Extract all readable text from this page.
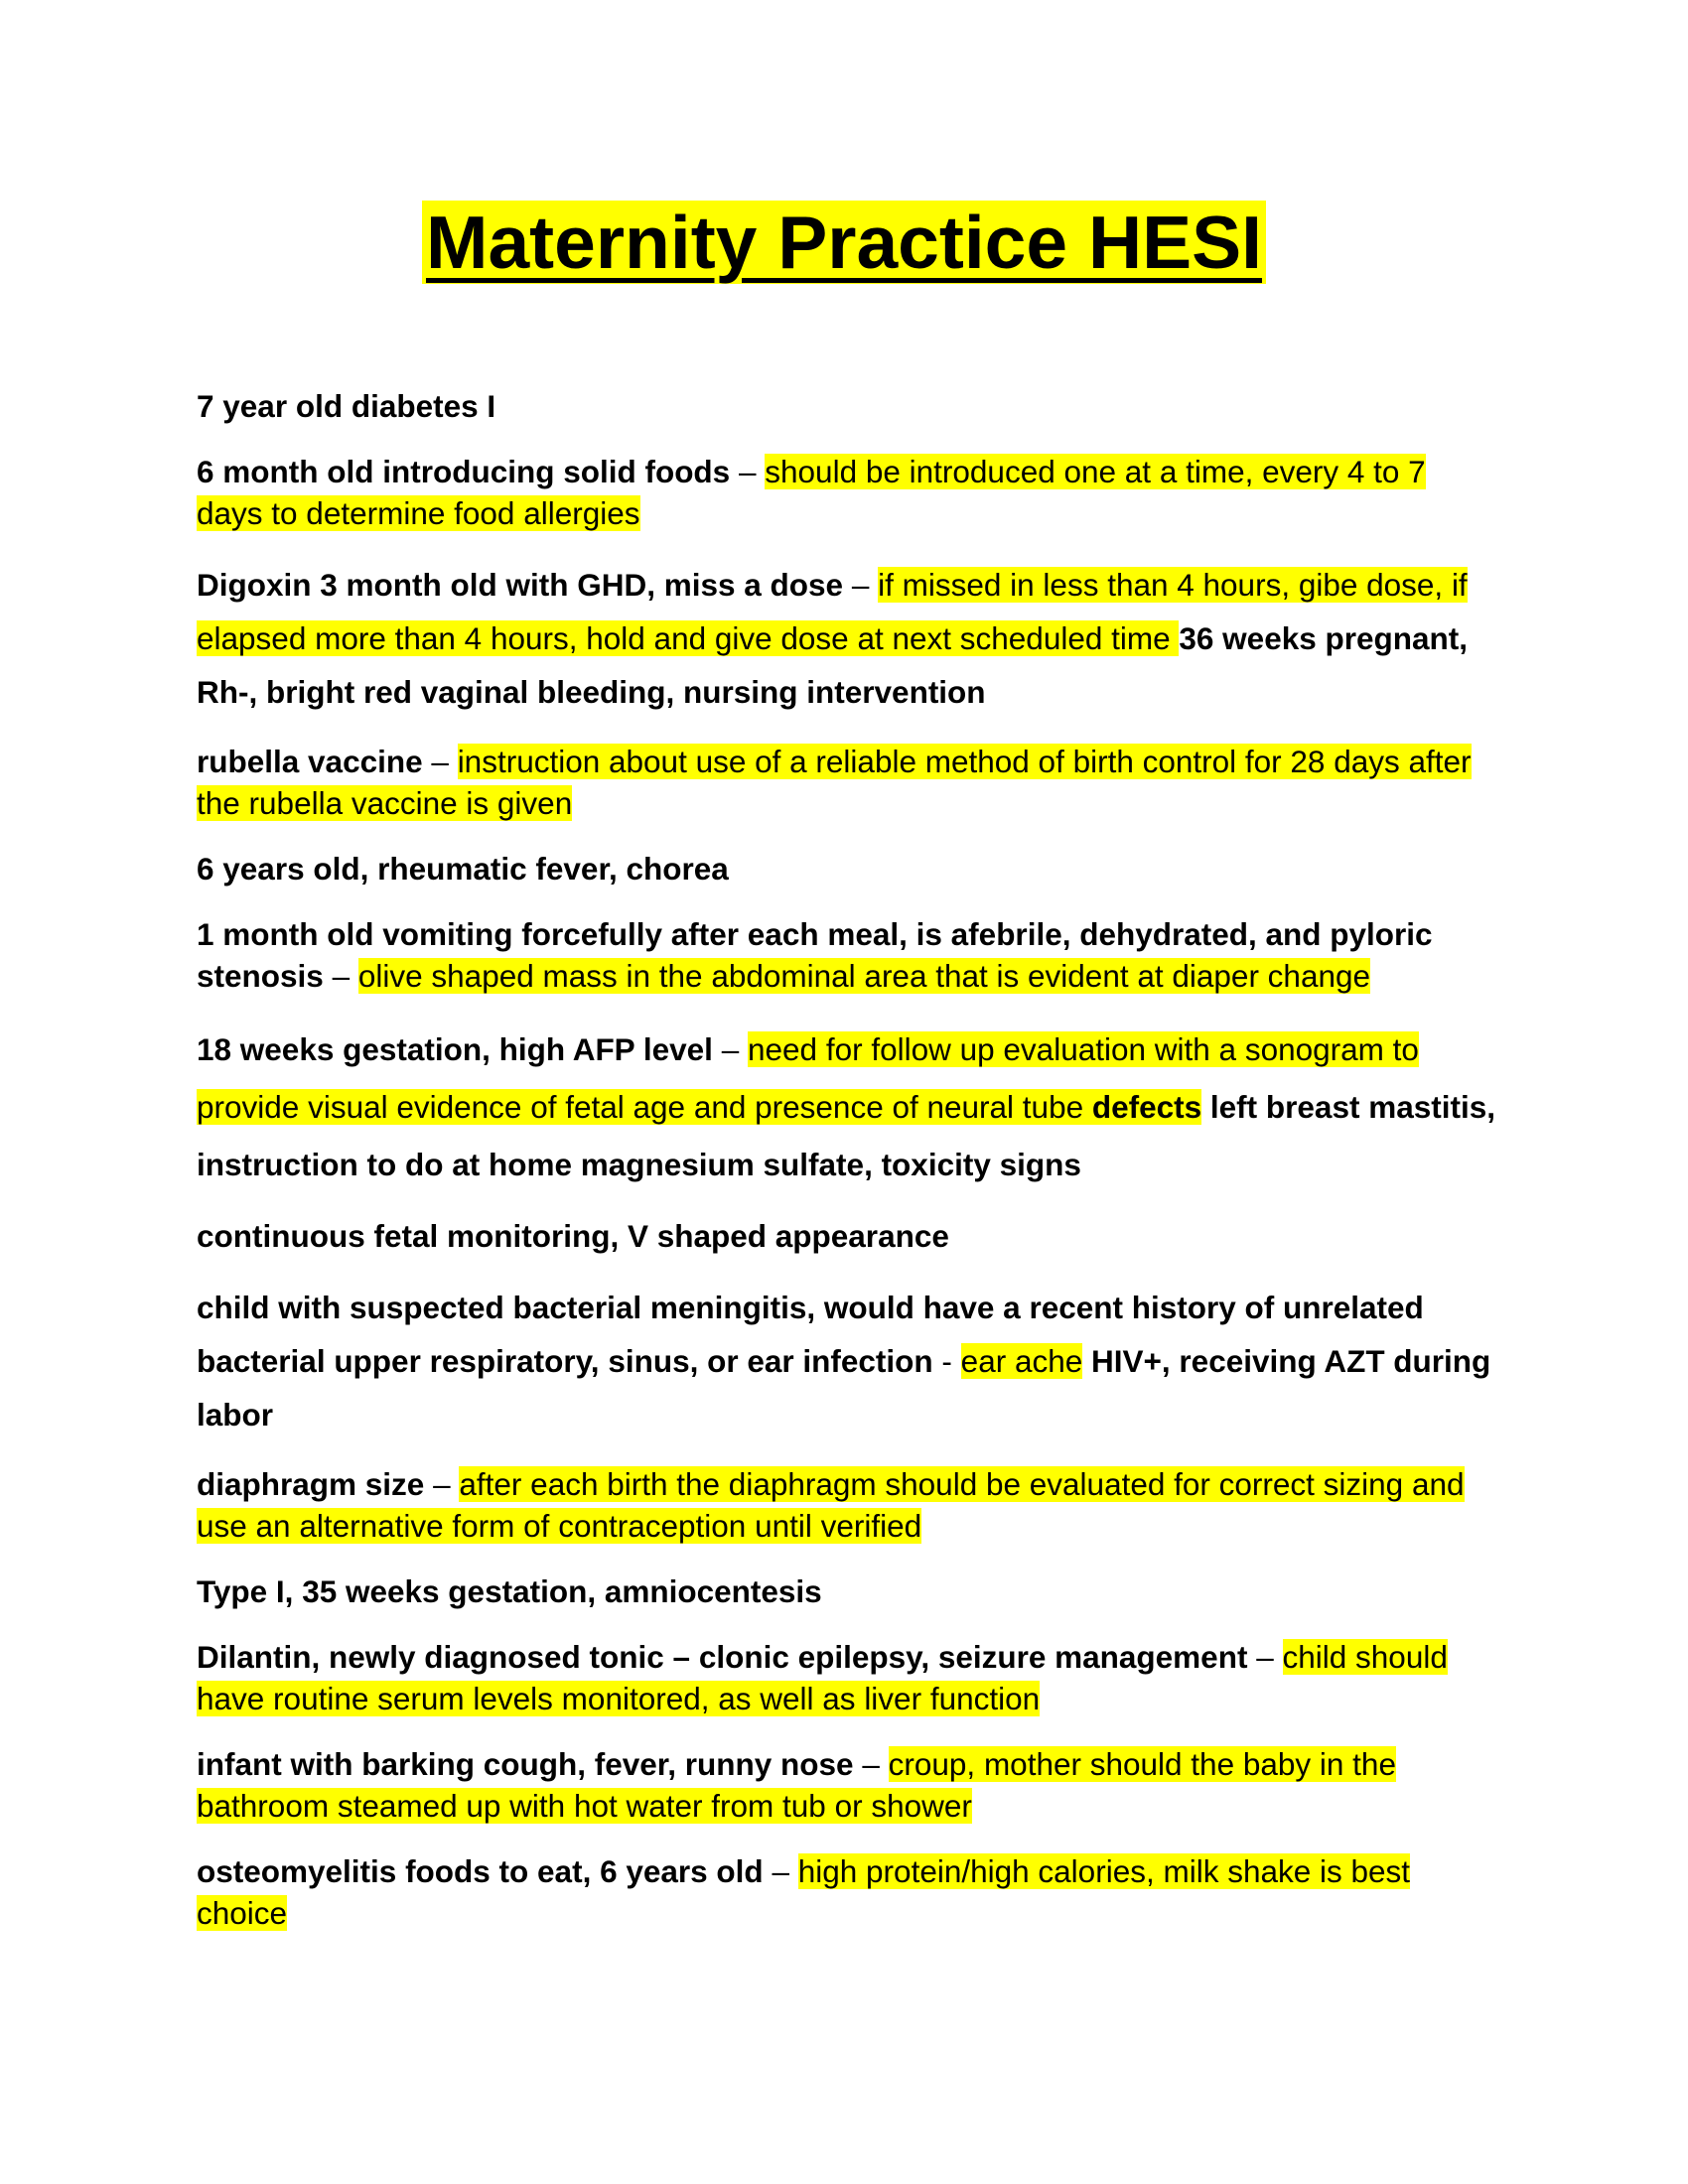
Maternity Practice HESI
7 year old diabetes I
6 month old introducing solid foods – should be introduced one at a time, every 4 to 7 days to determine food allergies
Digoxin 3 month old with GHD, miss a dose – if missed in less than 4 hours, gibe dose, if elapsed more than 4 hours, hold and give dose at next scheduled time 36 weeks pregnant, Rh-, bright red vaginal bleeding, nursing intervention
rubella vaccine – instruction about use of a reliable method of birth control for 28 days after the rubella vaccine is given
6 years old, rheumatic fever, chorea
1 month old vomiting forcefully after each meal, is afebrile, dehydrated, and pyloric stenosis – olive shaped mass in the abdominal area that is evident at diaper change
18 weeks gestation, high AFP level – need for follow up evaluation with a sonogram to provide visual evidence of fetal age and presence of neural tube defects left breast mastitis, instruction to do at home magnesium sulfate, toxicity signs
continuous fetal monitoring, V shaped appearance
child with suspected bacterial meningitis, would have a recent history of unrelated bacterial upper respiratory, sinus, or ear infection - ear ache HIV+, receiving AZT during labor
diaphragm size – after each birth the diaphragm should be evaluated for correct sizing and use an alternative form of contraception until verified
Type I, 35 weeks gestation, amniocentesis
Dilantin, newly diagnosed tonic – clonic epilepsy, seizure management – child should have routine serum levels monitored, as well as liver function
infant with barking cough, fever, runny nose – croup, mother should the baby in the bathroom steamed up with hot water from tub or shower
osteomyelitis foods to eat, 6 years old – high protein/high calories, milk shake is best choice
